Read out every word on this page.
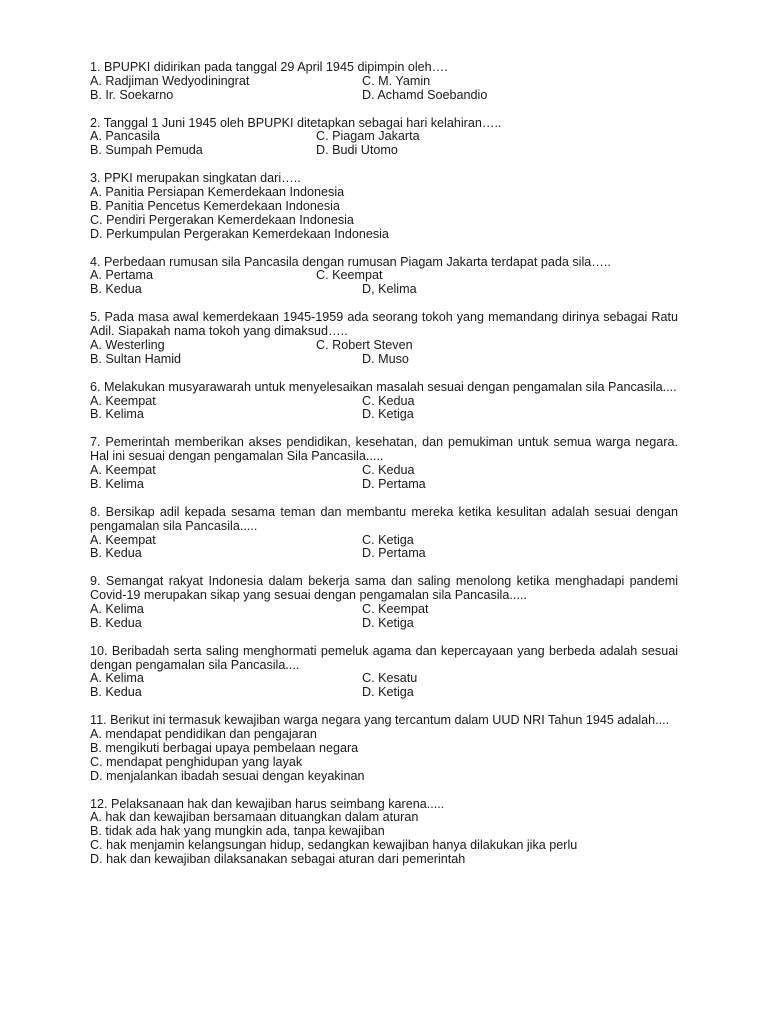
1. BPUPKI didirikan pada tanggal 29 April 1945 dipimpin oleh….
A. Radjiman Wedyodiningrat	C. M. Yamin
B. Ir. Soekarno	D. Achamd Soebandio
2. Tanggal 1 Juni 1945 oleh BPUPKI ditetapkan sebagai hari kelahiran…..
A. Pancasila	C. Piagam Jakarta
B. Sumpah Pemuda	D. Budi Utomo
3. PPKI merupakan singkatan dari…..
A. Panitia Persiapan Kemerdekaan Indonesia
B. Panitia Pencetus Kemerdekaan Indonesia
C. Pendiri Pergerakan Kemerdekaan Indonesia
D. Perkumpulan Pergerakan Kemerdekaan Indonesia
4. Perbedaan rumusan sila Pancasila dengan rumusan Piagam Jakarta terdapat pada sila…..
A. Pertama	C. Keempat
B. Kedua	D, Kelima
5. Pada masa awal kemerdekaan 1945-1959 ada seorang tokoh yang memandang dirinya sebagai Ratu Adil. Siapakah nama tokoh yang dimaksud…..
A. Westerling	C. Robert Steven
B. Sultan Hamid	D. Muso
6. Melakukan musyarawarah untuk menyelesaikan masalah sesuai dengan pengamalan sila Pancasila....
A. Keempat	C. Kedua
B. Kelima	D. Ketiga
7. Pemerintah memberikan akses pendidikan, kesehatan, dan pemukiman untuk semua warga negara. Hal ini sesuai dengan pengamalan Sila Pancasila.....
A. Keempat	C. Kedua
B. Kelima	D. Pertama
8. Bersikap adil kepada sesama teman dan membantu mereka ketika kesulitan adalah sesuai dengan pengamalan sila Pancasila.....
A. Keempat	C. Ketiga
B. Kedua	D. Pertama
9. Semangat rakyat Indonesia dalam bekerja sama dan saling menolong ketika menghadapi pandemi Covid-19 merupakan sikap yang sesuai dengan pengamalan sila Pancasila.....
A. Kelima	C. Keempat
B. Kedua	D. Ketiga
10. Beribadah serta saling menghormati pemeluk agama dan kepercayaan yang berbeda adalah sesuai dengan pengamalan sila Pancasila....
A. Kelima	C. Kesatu
B. Kedua	D. Ketiga
11. Berikut ini termasuk kewajiban warga negara yang tercantum dalam UUD NRI Tahun 1945 adalah....
A. mendapat pendidikan dan pengajaran
B. mengikuti berbagai upaya pembelaan negara
C. mendapat penghidupan yang layak
D. menjalankan ibadah sesuai dengan keyakinan
12. Pelaksanaan hak dan kewajiban harus seimbang karena.....
A. hak dan kewajiban bersamaan dituangkan dalam aturan
B. tidak ada hak yang mungkin ada, tanpa kewajiban
C. hak menjamin kelangsungan hidup, sedangkan kewajiban hanya dilakukan jika perlu
D. hak dan kewajiban dilaksanakan sebagai aturan dari pemerintah
